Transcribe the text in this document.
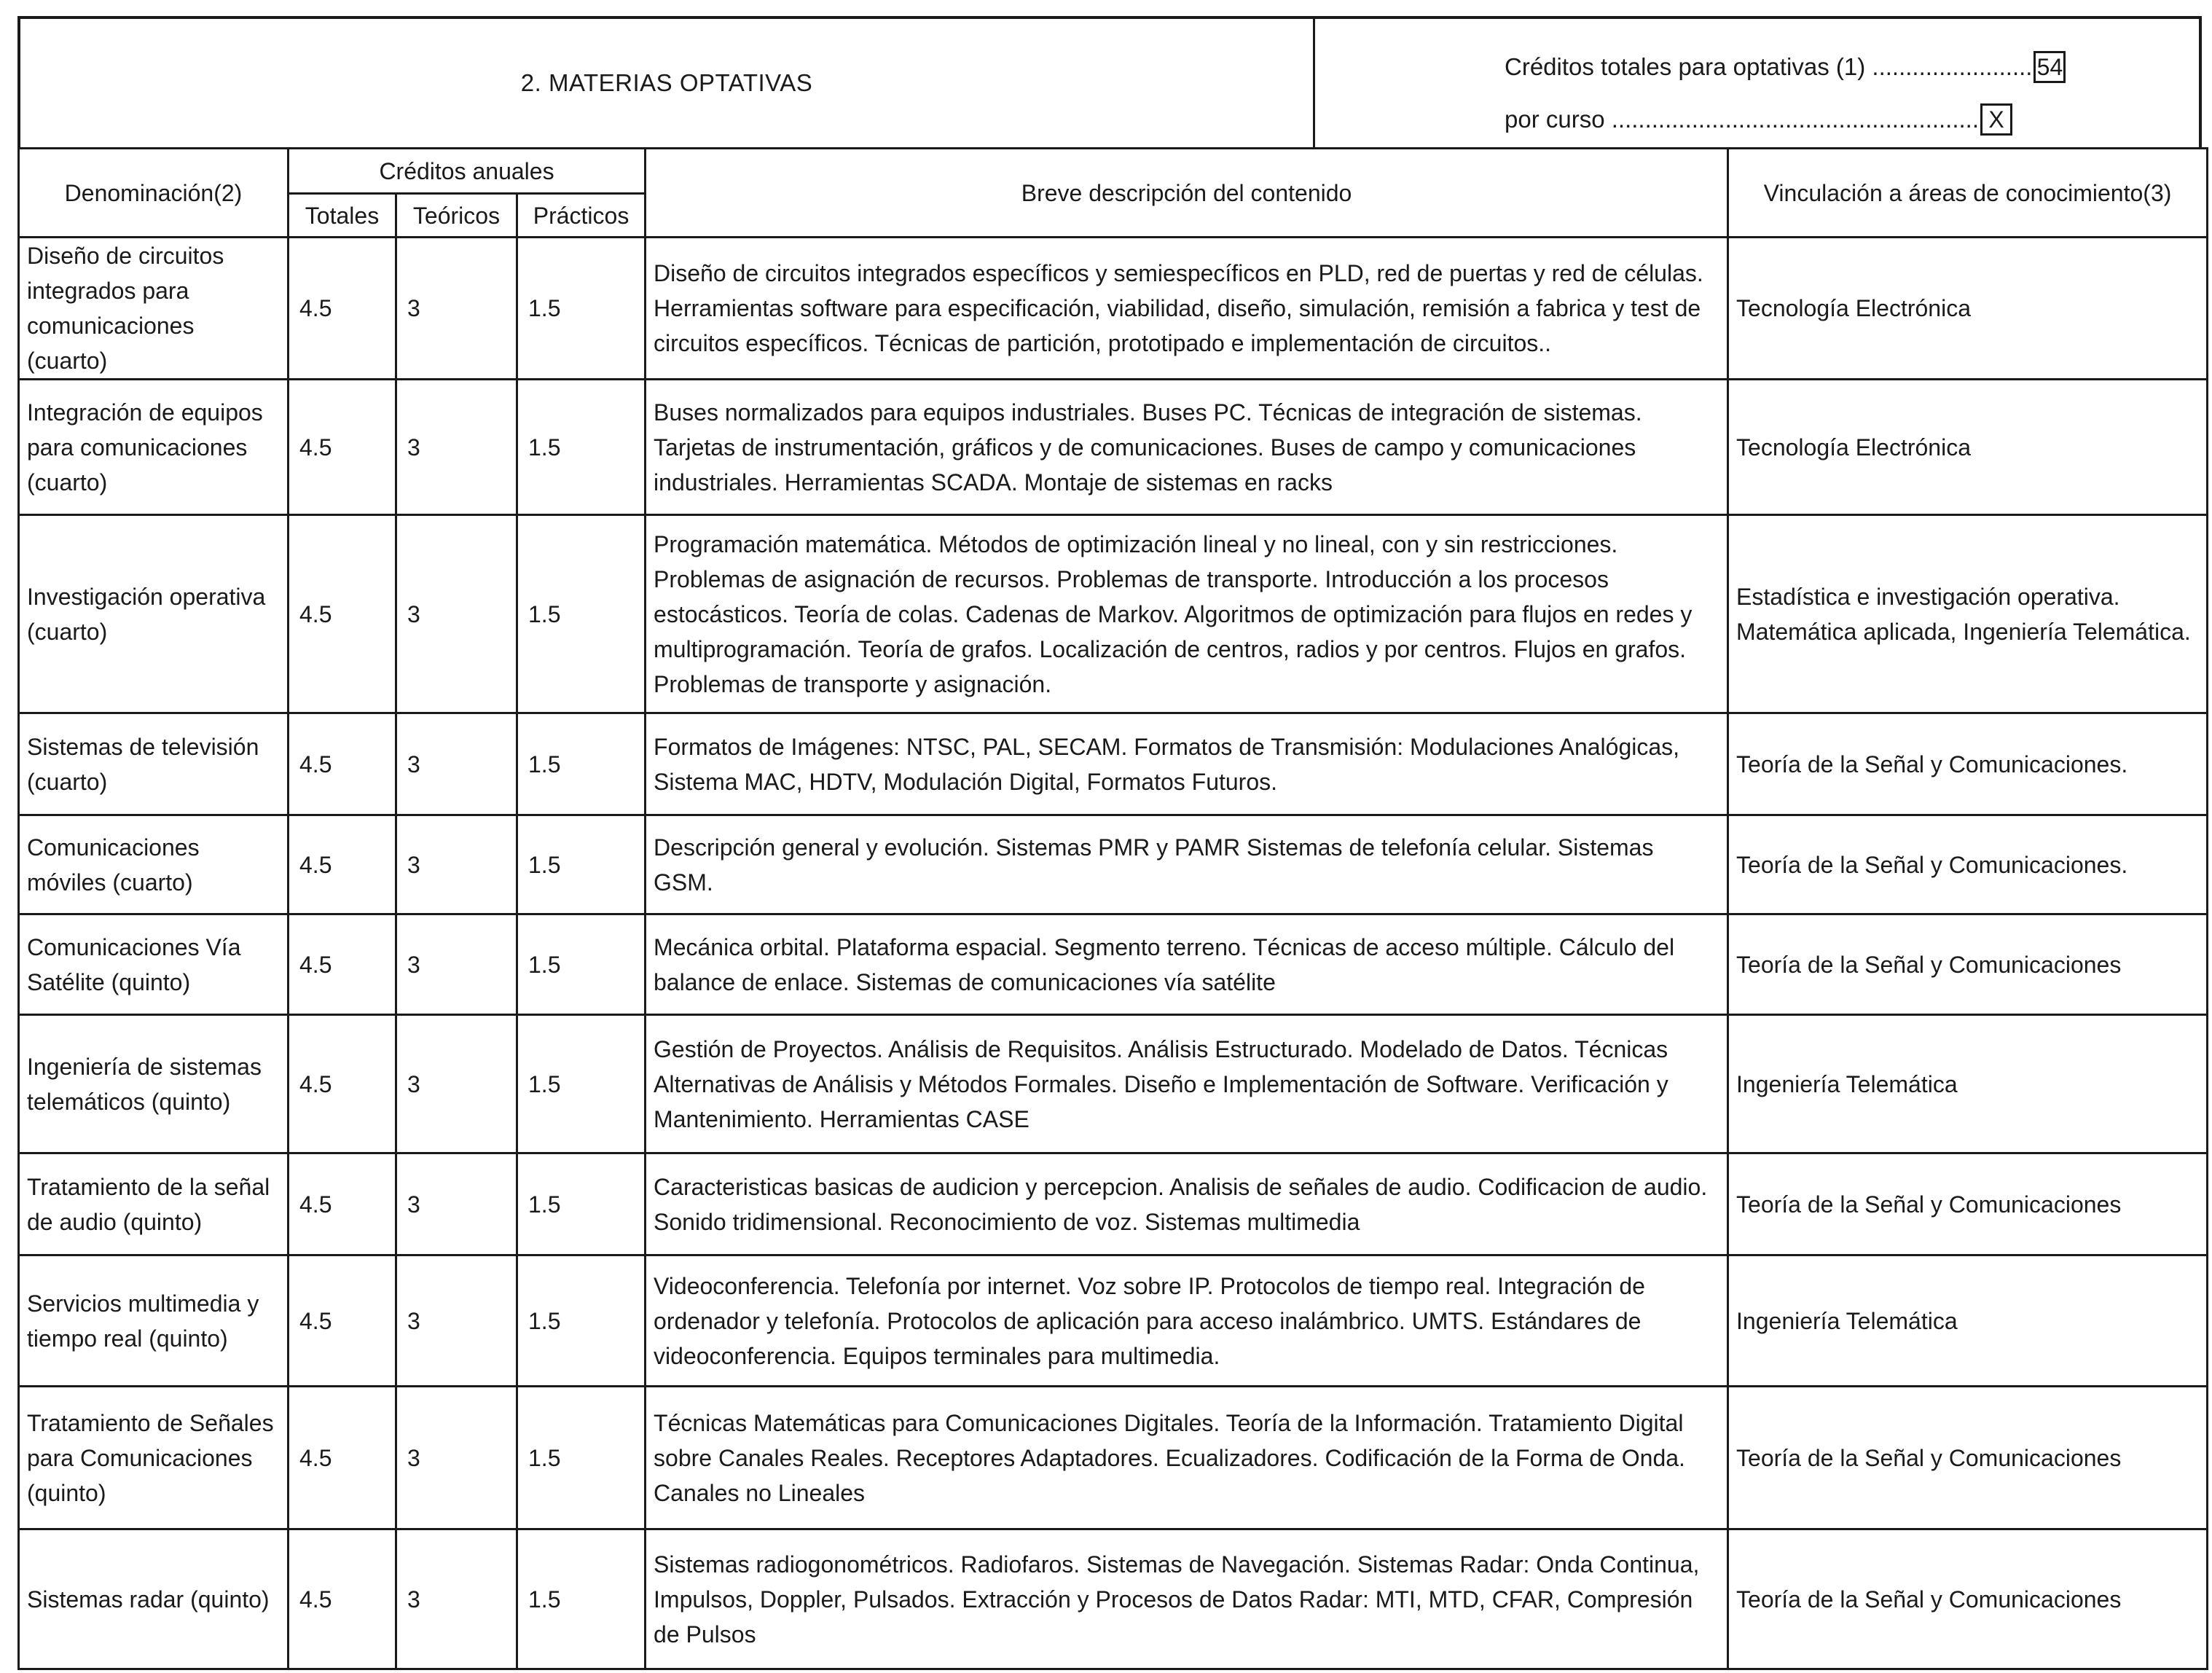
2. MATERIAS OPTATIVAS
Créditos totales para optativas (1) ........................ 54
por curso ....................................................... X
Denominación(2)	Créditos anuales			Breve descripción del contenido	Vinculación a áreas de conocimiento(3)
	Totales	Teóricos	Prácticos		
Diseño de circuitos integrados para comunicaciones (cuarto)	4.5	3	1.5	Diseño de circuitos integrados específicos y semiespecíficos en PLD, red de puertas y red de células. Herramientas software para especificación, viabilidad, diseño, simulación, remisión a fabrica y test de circuitos específicos. Técnicas de partición, prototipado e implementación de circuitos..	Tecnología Electrónica
Integración de equipos para comunicaciones (cuarto)	4.5	3	1.5	Buses normalizados para equipos industriales. Buses PC. Técnicas de integración de sistemas. Tarjetas de instrumentación, gráficos y de comunicaciones. Buses de campo y comunicaciones industriales. Herramientas SCADA. Montaje de sistemas en racks	Tecnología Electrónica
Investigación operativa (cuarto)	4.5	3	1.5	Programación matemática. Métodos de optimización lineal y no lineal, con y sin restricciones. Problemas de asignación de recursos. Problemas de transporte. Introducción a los procesos estocásticos. Teoría de colas. Cadenas de Markov. Algoritmos de optimización para flujos en redes y multiprogramación. Teoría de grafos. Localización de centros, radios y por centros. Flujos en grafos. Problemas de transporte y asignación.	Estadística e investigación operativa. Matemática aplicada, Ingeniería Telemática.
Sistemas de televisión (cuarto)	4.5	3	1.5	Formatos de Imágenes: NTSC, PAL, SECAM. Formatos de Transmisión: Modulaciones Analógicas, Sistema MAC, HDTV, Modulación Digital, Formatos Futuros.	Teoría de la Señal y Comunicaciones.
Comunicaciones móviles (cuarto)	4.5	3	1.5	Descripción general y evolución. Sistemas PMR y PAMR Sistemas de telefonía celular. Sistemas GSM.	Teoría de la Señal y Comunicaciones.
Comunicaciones Vía Satélite (quinto)	4.5	3	1.5	Mecánica orbital. Plataforma espacial. Segmento terreno. Técnicas de acceso múltiple. Cálculo del balance de enlace. Sistemas de comunicaciones vía satélite	Teoría de la Señal y Comunicaciones
Ingeniería de sistemas telemáticos (quinto)	4.5	3	1.5	Gestión de Proyectos. Análisis de Requisitos. Análisis Estructurado. Modelado de Datos. Técnicas Alternativas de Análisis y Métodos Formales. Diseño e Implementación de Software. Verificación y Mantenimiento. Herramientas CASE	Ingeniería Telemática
Tratamiento de la señal de audio (quinto)	4.5	3	1.5	Caracteristicas basicas de audicion y percepcion. Analisis de señales de audio. Codificacion de audio. Sonido tridimensional. Reconocimiento de voz. Sistemas multimedia	Teoría de la Señal y Comunicaciones
Servicios multimedia y tiempo real (quinto)	4.5	3	1.5	Videoconferencia. Telefonía por internet. Voz sobre IP. Protocolos de tiempo real. Integración de ordenador y telefonía. Protocolos de aplicación para acceso inalámbrico. UMTS. Estándares de videoconferencia. Equipos terminales para multimedia.	Ingeniería Telemática
Tratamiento de Señales para Comunicaciones (quinto)	4.5	3	1.5	Técnicas Matemáticas para Comunicaciones Digitales. Teoría de la Información. Tratamiento Digital sobre Canales Reales. Receptores Adaptadores. Ecualizadores. Codificación de la Forma de Onda. Canales no Lineales	Teoría de la Señal y Comunicaciones
Sistemas radar (quinto)	4.5	3	1.5	Sistemas radiogonométricos. Radiofaros. Sistemas de Navegación. Sistemas Radar: Onda Continua, Impulsos, Doppler, Pulsados. Extracción y Procesos de Datos Radar: MTI, MTD, CFAR, Compresión de Pulsos	Teoría de la Señal y Comunicaciones
